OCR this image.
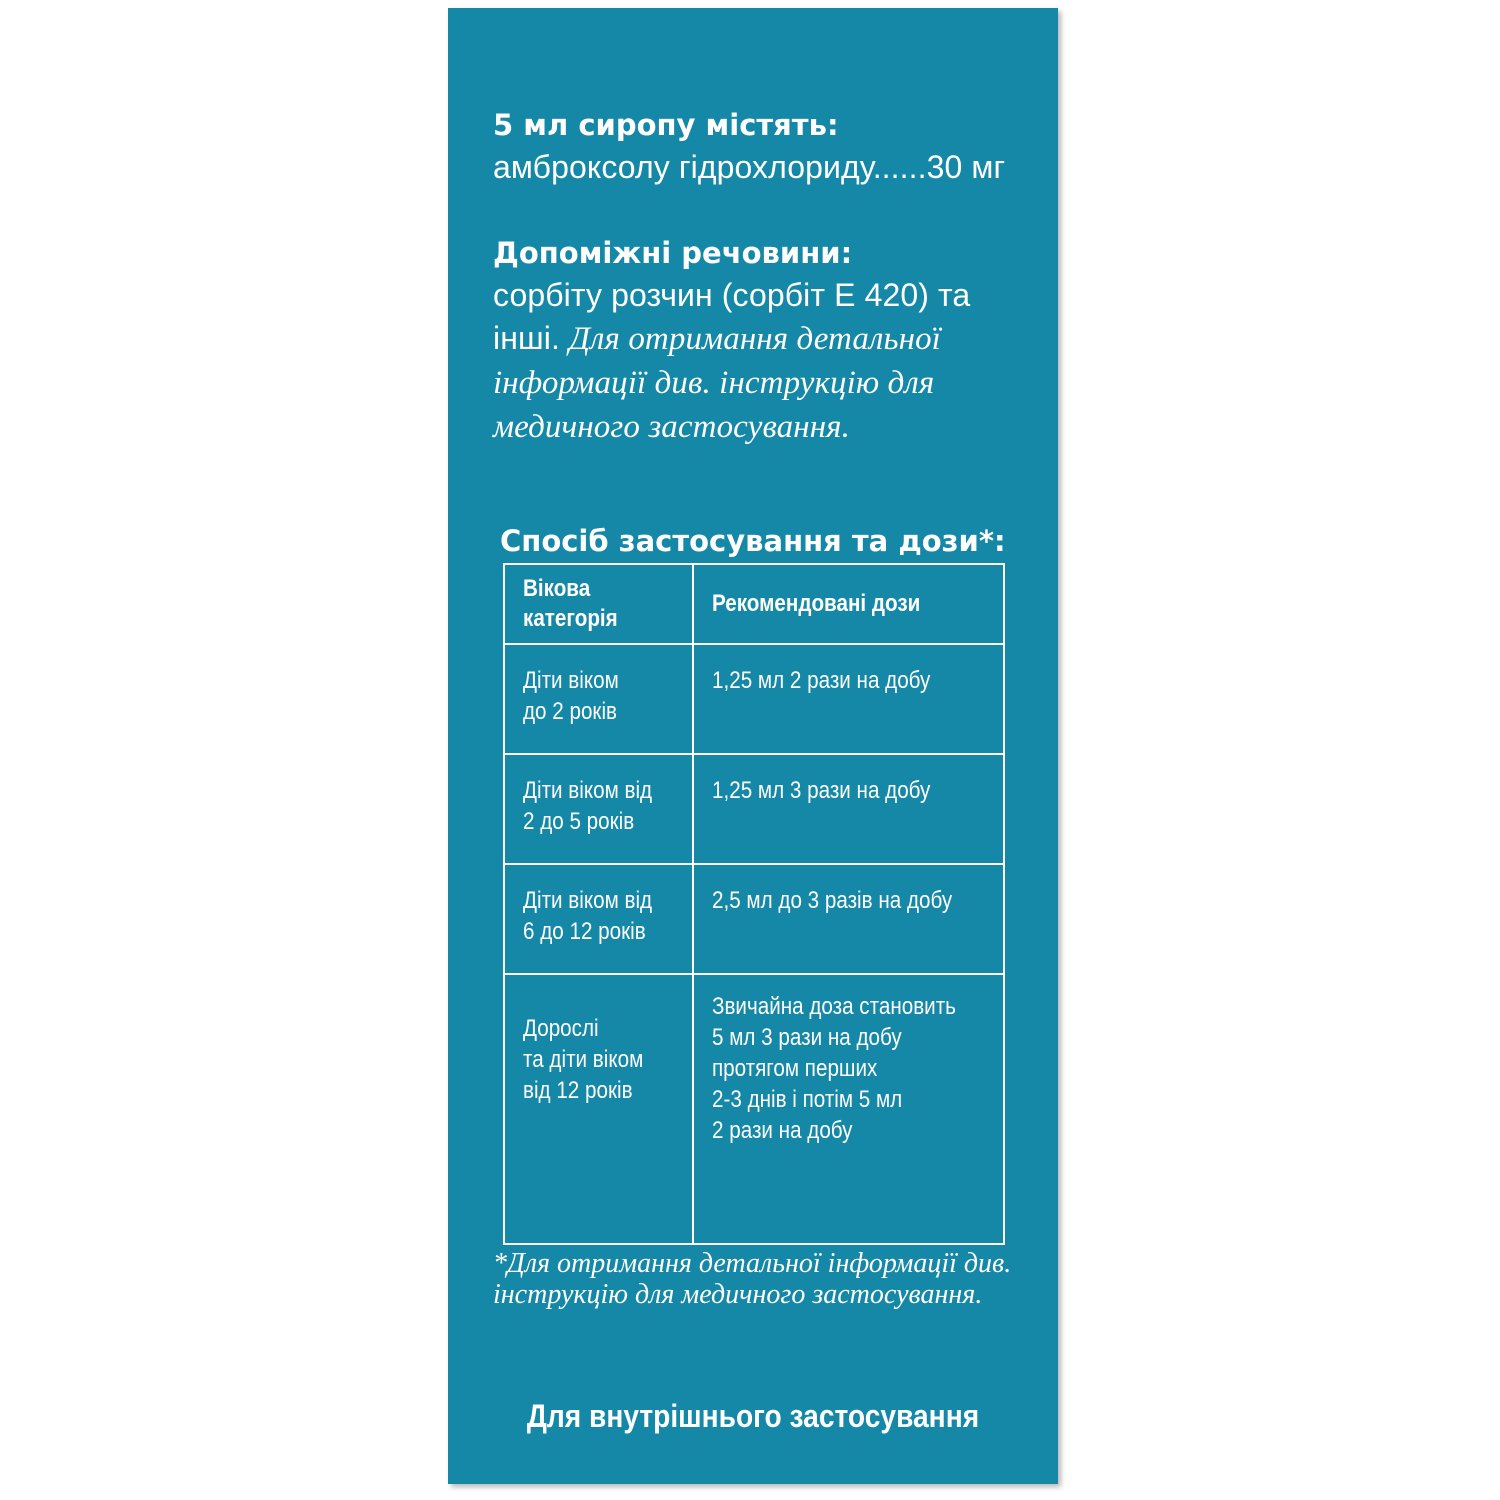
5 мл сиропу містять:

амброксолу гідрохлориду......30 мг

Допоміжні речовини:

сорбіту розчин (сорбіт Е 420) та інші. Для отримання детальної інформації див. інструкцію для медичного застосування.

Спосіб застосування та дози*:

Вікова
категорія	Рекомендовані дози

Діти віком
до 2 років	1,25 мл 2 рази на добу

Діти віком від
2 до 5 років	1,25 мл 3 рази на добу

Діти віком від
6 до 12 років	2,5 мл до 3 разів на добу

Дорослі
та діти віком
від 12 років	Звичайна доза становить
5 мл 3 рази на добу
протягом перших
2-3 днів і потім 5 мл
2 рази на добу

*Для отримання детальної інформації див. інструкцію для медичного застосування.

Для внутрішнього застосування
